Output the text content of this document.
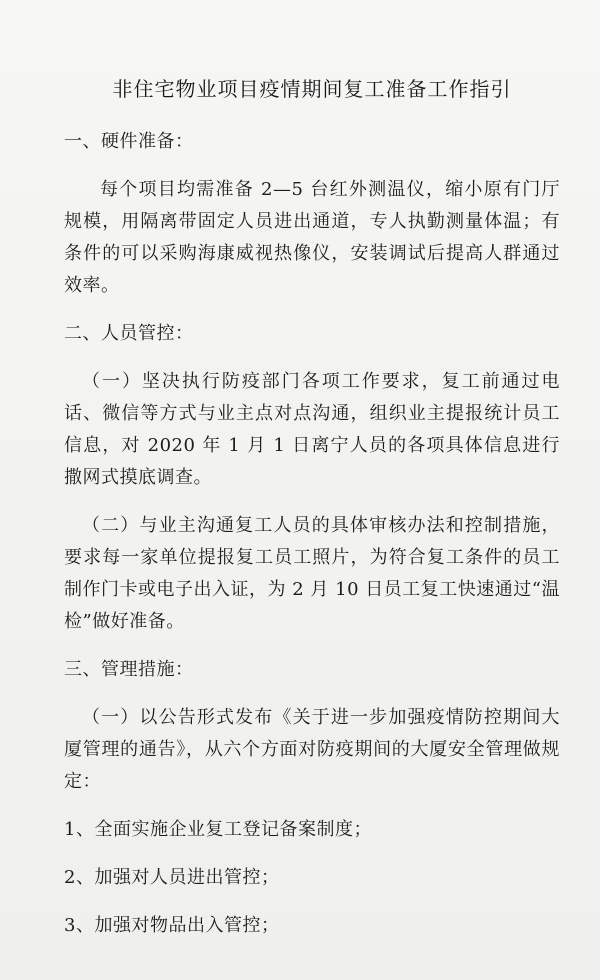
非住宅物业项目疫情期间复工准备工作指引

一、硬件准备：

每个项目均需准备 2—5 台红外测温仪，缩小原有门厅规模，用隔离带固定人员进出通道，专人执勤测量体温；有条件的可以采购海康威视热像仪，安装调试后提高人群通过效率。

二、人员管控：

（一）坚决执行防疫部门各项工作要求，复工前通过电话、微信等方式与业主点对点沟通，组织业主提报统计员工信息，对 2020 年 1 月 1 日离宁人员的各项具体信息进行撒网式摸底调查。

（二）与业主沟通复工人员的具体审核办法和控制措施，要求每一家单位提报复工员工照片，为符合复工条件的员工制作门卡或电子出入证，为 2 月 10 日员工复工快速通过“温检”做好准备。

三、管理措施：

（一）以公告形式发布《关于进一步加强疫情防控期间大厦管理的通告》，从六个方面对防疫期间的大厦安全管理做规定：

1、全面实施企业复工登记备案制度；

2、加强对人员进出管控；

3、加强对物品出入管控；
